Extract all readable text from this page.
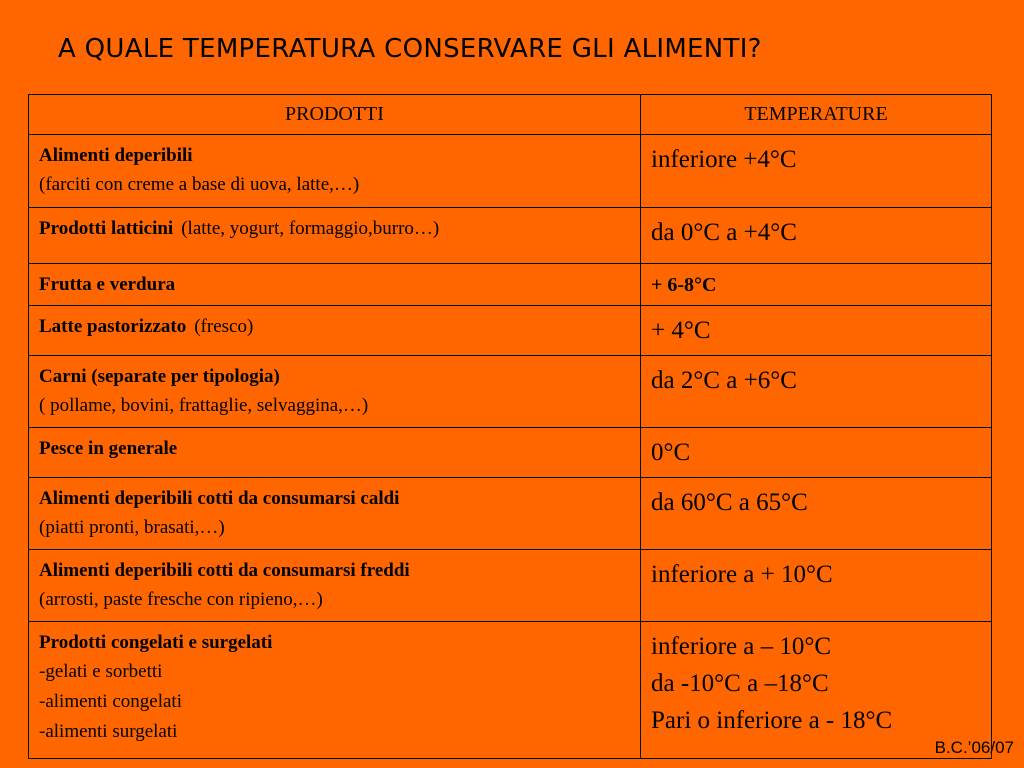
A QUALE TEMPERATURA CONSERVARE GLI ALIMENTI?
PRODOTTI	TEMPERATURE

Alimenti deperibili
(farciti con creme a base di uova, latte,…)	inferiore +4°C

Prodotti latticini (latte, yogurt, formaggio,burro…)	da 0°C a +4°C

Frutta e verdura	+ 6-8°C

Latte pastorizzato (fresco)	+ 4°C

Carni (separate per tipologia)
( pollame, bovini, frattaglie, selvaggina,…)	da 2°C a +6°C

Pesce in generale	0°C

Alimenti deperibili cotti da consumarsi caldi
(piatti pronti, brasati,…)	da 60°C a 65°C

Alimenti deperibili cotti da consumarsi freddi
(arrosti, paste fresche con ripieno,…)	inferiore a + 10°C

Prodotti congelati e surgelati
-gelati e sorbetti
-alimenti congelati
-alimenti surgelati	inferiore a – 10°C
da -10°C a –18°C
Pari o inferiore a - 18°C
B.C.’06/07
